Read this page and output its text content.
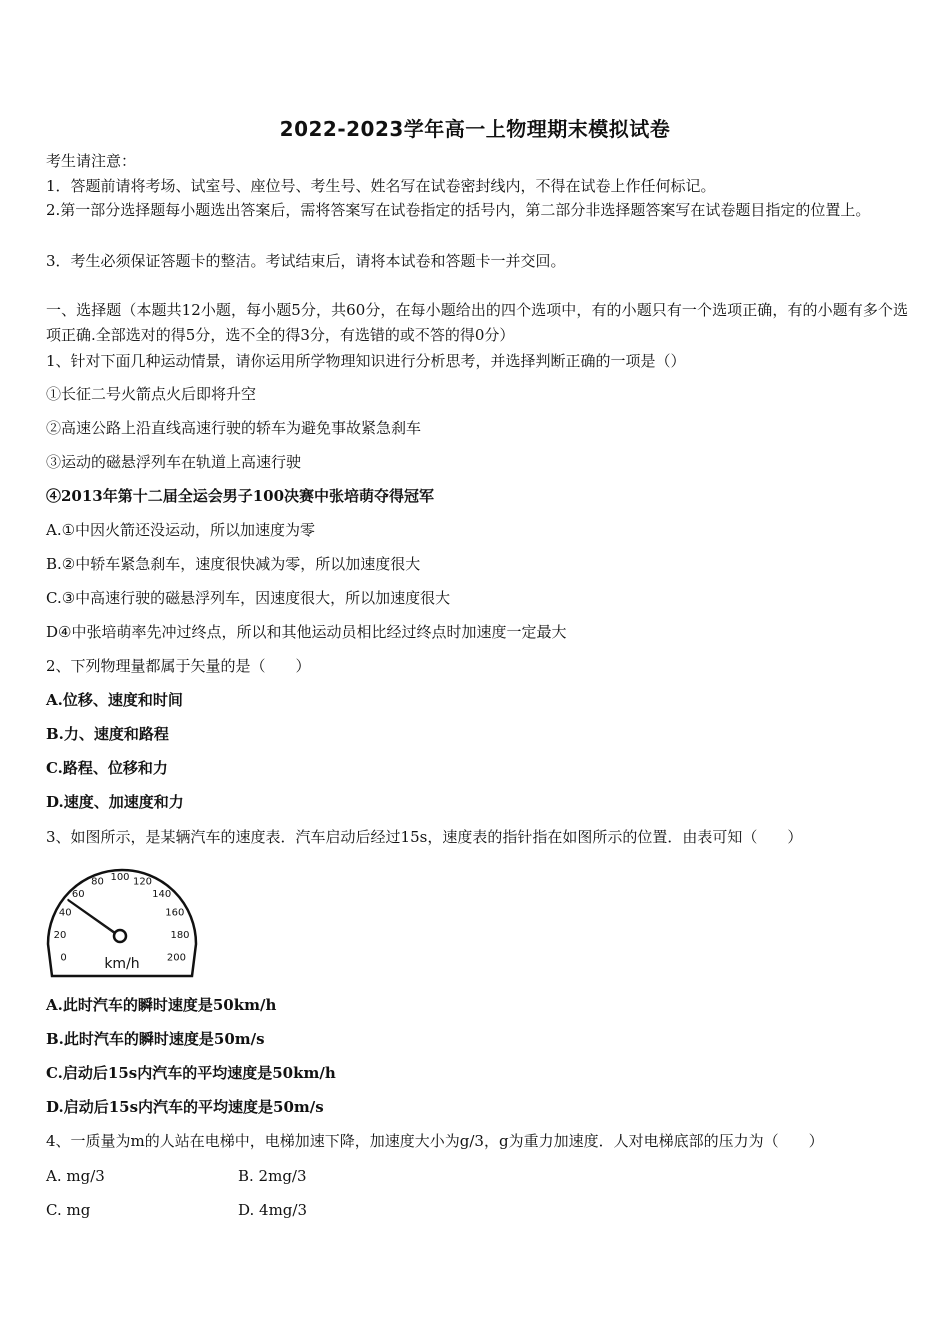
2022-2023学年高一上物理期末模拟试卷
考生请注意：
1．答题前请将考场、试室号、座位号、考生号、姓名写在试卷密封线内，不得在试卷上作任何标记。
2.第一部分选择题每小题选出答案后，需将答案写在试卷指定的括号内，第二部分非选择题答案写在试卷题目指定的位置上。
3．考生必须保证答题卡的整洁。考试结束后，请将本试卷和答题卡一并交回。
一、选择题（本题共12小题，每小题5分，共60分，在每小题给出的四个选项中，有的小题只有一个选项正确，有的小题有多个选项正确.全部选对的得5分，选不全的得3分，有选错的或不答的得0分）
1、针对下面几种运动情景，请你运用所学物理知识进行分析思考，并选择判断正确的一项是（）
①长征二号火箭点火后即将升空
②高速公路上沿直线高速行驶的轿车为避免事故紧急刹车
③运动的磁悬浮列车在轨道上高速行驶
④2013年第十二届全运会男子100决赛中张培萌夺得冠军
A.①中因火箭还没运动，所以加速度为零
B.②中轿车紧急刹车，速度很快减为零，所以加速度很大
C.③中高速行驶的磁悬浮列车，因速度很大，所以加速度很大
D④中张培萌率先冲过终点，所以和其他运动员相比经过终点时加速度一定最大
2、下列物理量都属于矢量的是（　　）
A.位移、速度和时间
B.力、速度和路程
C.路程、位移和力
D.速度、加速度和力
3、如图所示，是某辆汽车的速度表．汽车启动后经过15s，速度表的指针指在如图所示的位置．由表可知（　　）
0
20
40
60
80 100 120
140
160
180
200
km/h
A.此时汽车的瞬时速度是50km/h
B.此时汽车的瞬时速度是50m/s
C.启动后15s内汽车的平均速度是50km/h
D.启动后15s内汽车的平均速度是50m/s
4、一质量为m的人站在电梯中，电梯加速下降，加速度大小为g/3，g为重力加速度．人对电梯底部的压力为（　　）
A. mg/3	B. 2mg/3
C. mg	D. 4mg/3
